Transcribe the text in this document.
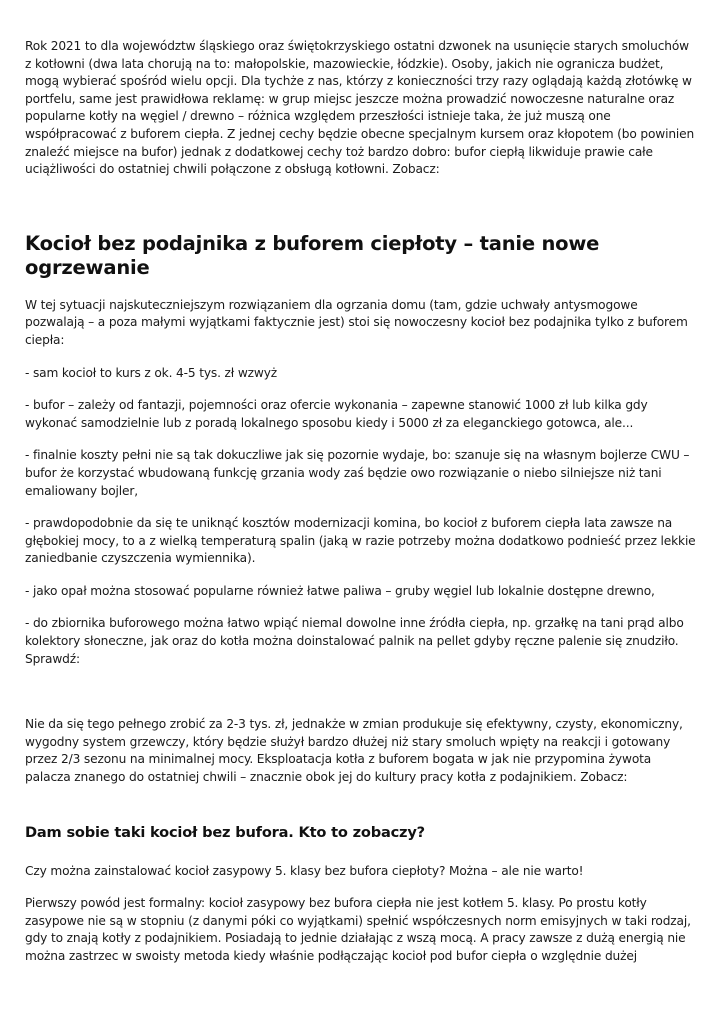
Rok 2021 to dla województw śląskiego oraz świętokrzyskiego ostatni dzwonek na usunięcie starych smoluchów z kotłowni (dwa lata chorują na to: małopolskie, mazowieckie, łódzkie). Osoby, jakich nie ogranicza budżet, mogą wybierać spośród wielu opcji. Dla tychże z nas, którzy z konieczności trzy razy oglądają każdą złotówkę w portfelu, same jest prawidłowa reklamę: w grup miejsc jeszcze można prowadzić nowoczesne naturalne oraz popularne kotły na węgiel / drewno – różnica względem przeszłości istnieje taka, że już muszą one współpracować z buforem ciepła. Z jednej cechy będzie obecne specjalnym kursem oraz kłopotem (bo powinien znaleźć miejsce na bufor) jednak z dodatkowej cechy toż bardzo dobro: bufor ciepłą likwiduje prawie całe uciążliwości do ostatniej chwili połączone z obsługą kotłowni. Zobacz:

Kocioł bez podajnika z buforem ciepłoty – tanie nowe ogrzewanie

W tej sytuacji najskuteczniejszym rozwiązaniem dla ogrzania domu (tam, gdzie uchwały antysmogowe pozwalają – a poza małymi wyjątkami faktycznie jest) stoi się nowoczesny kocioł bez podajnika tylko z buforem ciepła:

- sam kocioł to kurs z ok. 4-5 tys. zł wzwyż

- bufor – zależy od fantazji, pojemności oraz ofercie wykonania – zapewne stanowić 1000 zł lub kilka gdy wykonać samodzielnie lub z poradą lokalnego sposobu kiedy i 5000 zł za eleganckiego gotowca, ale...

- finalnie koszty pełni nie są tak dokuczliwe jak się pozornie wydaje, bo: szanuje się na własnym bojlerze CWU – bufor że korzystać wbudowaną funkcję grzania wody zaś będzie owo rozwiązanie o niebo silniejsze niż tani emaliowany bojler,

- prawdopodobnie da się te uniknąć kosztów modernizacji komina, bo kocioł z buforem ciepła lata zawsze na głębokiej mocy, to a z wielką temperaturą spalin (jaką w razie potrzeby można dodatkowo podnieść przez lekkie zaniedbanie czyszczenia wymiennika).

- jako opał można stosować popularne również łatwe paliwa – gruby węgiel lub lokalnie dostępne drewno,

- do zbiornika buforowego można łatwo wpiąć niemal dowolne inne źródła ciepła, np. grzałkę na tani prąd albo kolektory słoneczne, jak oraz do kotła można doinstalować palnik na pellet gdyby ręczne palenie się znudziło. Sprawdź:

Nie da się tego pełnego zrobić za 2-3 tys. zł, jednakże w zmian produkuje się efektywny, czysty, ekonomiczny, wygodny system grzewczy, który będzie służył bardzo dłużej niż stary smoluch wpięty na reakcji i gotowany przez 2/3 sezonu na minimalnej mocy. Eksploatacja kotła z buforem bogata w jak nie przypomina żywota palacza znanego do ostatniej chwili – znacznie obok jej do kultury pracy kotła z podajnikiem. Zobacz:

Dam sobie taki kocioł bez bufora. Kto to zobaczy?

Czy można zainstalować kocioł zasypowy 5. klasy bez bufora ciepłoty? Można – ale nie warto!

Pierwszy powód jest formalny: kocioł zasypowy bez bufora ciepła nie jest kotłem 5. klasy. Po prostu kotły zasypowe nie są w stopniu (z danymi póki co wyjątkami) spełnić współczesnych norm emisyjnych w taki rodzaj, gdy to znają kotły z podajnikiem. Posiadają to jednie działając z wszą mocą. A pracy zawsze z dużą energią nie można zastrzec w swoisty metoda kiedy właśnie podłączając kocioł pod bufor ciepła o względnie dużej
